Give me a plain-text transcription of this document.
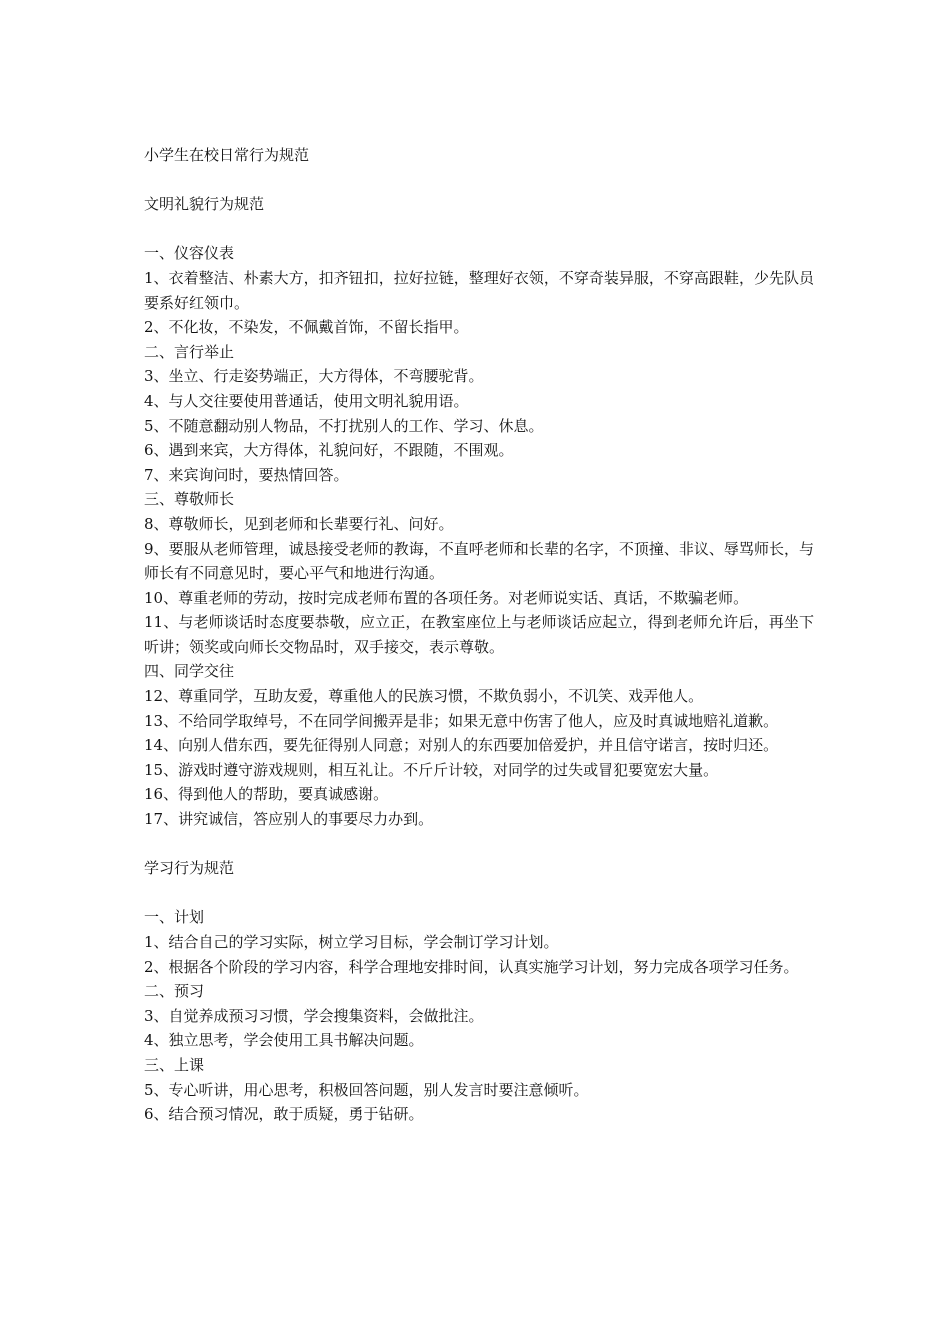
小学生在校日常行为规范

文明礼貌行为规范

一、仪容仪表

1、衣着整洁、朴素大方，扣齐钮扣，拉好拉链，整理好衣领，不穿奇装异服，不穿高跟鞋，少先队员要系好红领巾。

2、不化妆，不染发，不佩戴首饰，不留长指甲。

二、言行举止

3、坐立、行走姿势端正，大方得体，不弯腰驼背。

4、与人交往要使用普通话，使用文明礼貌用语。

5、不随意翻动别人物品，不打扰别人的工作、学习、休息。

6、遇到来宾，大方得体，礼貌问好，不跟随，不围观。

7、来宾询问时，要热情回答。

三、尊敬师长

8、尊敬师长，见到老师和长辈要行礼、问好。

9、要服从老师管理，诚恳接受老师的教诲，不直呼老师和长辈的名字，不顶撞、非议、辱骂师长，与师长有不同意见时，要心平气和地进行沟通。

10、尊重老师的劳动，按时完成老师布置的各项任务。对老师说实话、真话，不欺骗老师。

11、与老师谈话时态度要恭敬，应立正，在教室座位上与老师谈话应起立，得到老师允许后，再坐下听讲；领奖或向师长交物品时，双手接交，表示尊敬。

四、同学交往

12、尊重同学，互助友爱，尊重他人的民族习惯，不欺负弱小，不讥笑、戏弄他人。

13、不给同学取绰号，不在同学间搬弄是非；如果无意中伤害了他人，应及时真诚地赔礼道歉。

14、向别人借东西，要先征得别人同意；对别人的东西要加倍爱护，并且信守诺言，按时归还。

15、游戏时遵守游戏规则，相互礼让。不斤斤计较，对同学的过失或冒犯要宽宏大量。

16、得到他人的帮助，要真诚感谢。

17、讲究诚信，答应别人的事要尽力办到。

学习行为规范

一、计划

1、结合自己的学习实际，树立学习目标，学会制订学习计划。

2、根据各个阶段的学习内容，科学合理地安排时间，认真实施学习计划，努力完成各项学习任务。

二、预习

3、自觉养成预习习惯，学会搜集资料，会做批注。

4、独立思考，学会使用工具书解决问题。

三、上课

5、专心听讲，用心思考，积极回答问题，别人发言时要注意倾听。

6、结合预习情况，敢于质疑，勇于钻研。
